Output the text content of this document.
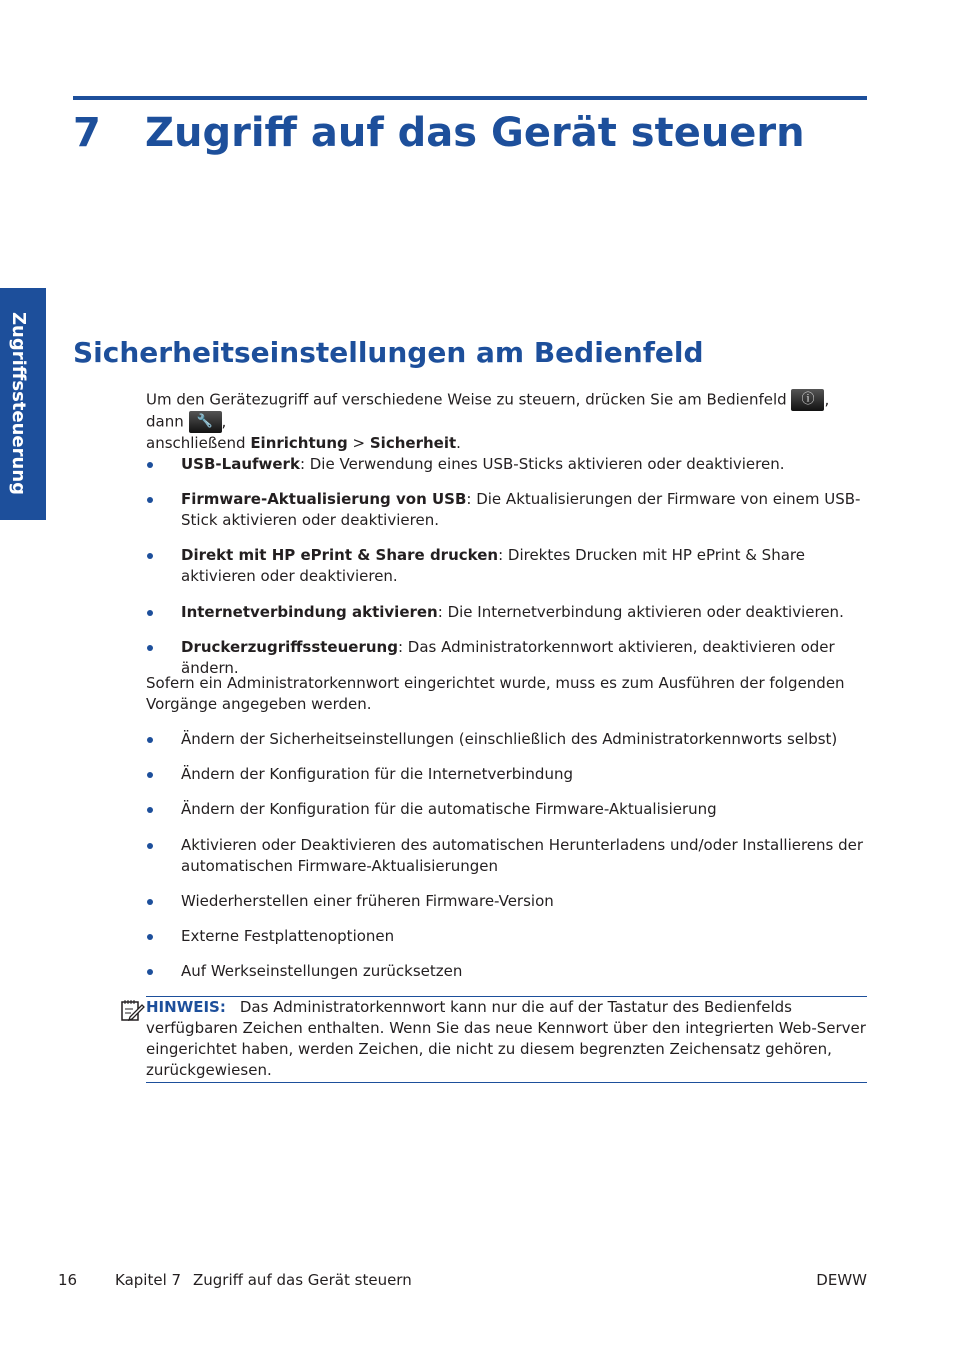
7 Zugriff auf das Gerät steuern
Zugriffssteuerung Sicherheitseinstellungen am Bedienfeld
Um den Gerätezugriff auf verschiedene Weise zu steuern, drücken Sie am Bedienfeld ⓘ , dann 🔧 ,
anschließend Einrichtung > Sicherheit.
USB-Laufwerk: Die Verwendung eines USB-Sticks aktivieren oder deaktivieren.
Firmware-Aktualisierung von USB: Die Aktualisierungen der Firmware von einem USB-Stick aktivieren oder deaktivieren.
Direkt mit HP ePrint & Share drucken: Direktes Drucken mit HP ePrint & Share aktivieren oder deaktivieren.
Internetverbindung aktivieren: Die Internetverbindung aktivieren oder deaktivieren.
Druckerzugriffssteuerung: Das Administratorkennwort aktivieren, deaktivieren oder ändern.
Sofern ein Administratorkennwort eingerichtet wurde, muss es zum Ausführen der folgenden Vorgänge angegeben werden.
Ändern der Sicherheitseinstellungen (einschließlich des Administratorkennworts selbst)
Ändern der Konfiguration für die Internetverbindung
Ändern der Konfiguration für die automatische Firmware-Aktualisierung
Aktivieren oder Deaktivieren des automatischen Herunterladens und/oder Installierens der automatischen Firmware-Aktualisierungen
Wiederherstellen einer früheren Firmware-Version
Externe Festplattenoptionen
Auf Werkseinstellungen zurücksetzen
HINWEIS: Das Administratorkennwort kann nur die auf der Tastatur des Bedienfelds verfügbaren Zeichen enthalten. Wenn Sie das neue Kennwort über den integrierten Web-Server eingerichtet haben, werden Zeichen, die nicht zu diesem begrenzten Zeichensatz gehören, zurückgewiesen.
16	Kapitel 7 Zugriff auf das Gerät steuern	DEWW
